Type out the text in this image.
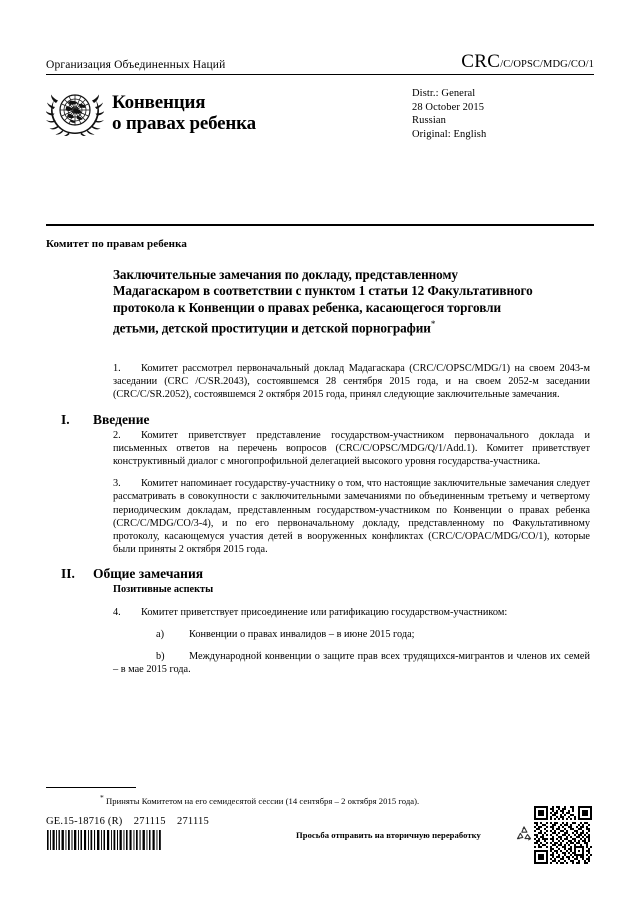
Организация Объединенных Наций	CRC/C/OPSC/MDG/CO/1
Конвенция
о правах ребенка
Distr.: General
28 October 2015
Russian
Original: English
Комитет по правам ребенка
Заключительные замечания по докладу, представленному Мадагаскаром в соответствии с пунктом 1 статьи 12 Факультативного протокола к Конвенции о правах ребенка, касающегося торговли детьми, детской проституции и детской порнографии*
1.	Комитет рассмотрел первоначальный доклад Мадагаскара (CRC/C/OPSC/MDG/1) на своем 2043-м заседании (CRC /C/SR.2043), состоявшемся 28 сентября 2015 года, и на своем 2052-м заседании (CRC/C/SR.2052), состоявшемся 2 октября 2015 года, принял следующие заключительные замечания.
I. Введение
2.	Комитет приветствует представление государством-участником первоначального доклада и письменных ответов на перечень вопросов (CRC/C/OPSC/MDG/Q/1/Add.1). Комитет приветствует конструктивный диалог с многопрофильной делегацией высокого уровня государства-участника.
3.	Комитет напоминает государству-участнику о том, что настоящие заключительные замечания следует рассматривать в совокупности с заключительными замечаниями по объединенным третьему и четвертому периодическим докладам, представленным государством-участником по Конвенции о правах ребенка (CRC/C/MDG/CO/3-4), и по его первоначальному докладу, представленному по Факультативному протоколу, касающемуся участия детей в вооруженных конфликтах (CRC/C/OPAC/MDG/CO/1), которые были приняты 2 октября 2015 года.
II. Общие замечания
Позитивные аспекты
4.	Комитет приветствует присоединение или ратификацию государством-участником:
a)	Конвенции о правах инвалидов – в июне 2015 года;
b)	Международной конвенции о защите прав всех трудящихся-мигрантов и членов их семей – в мае 2015 года.
* Приняты Комитетом на его семидесятой сессии (14 сентября – 2 октября 2015 года).
GE.15-18716 (R)    271115    271115
Просьба отправить на вторичную переработку
